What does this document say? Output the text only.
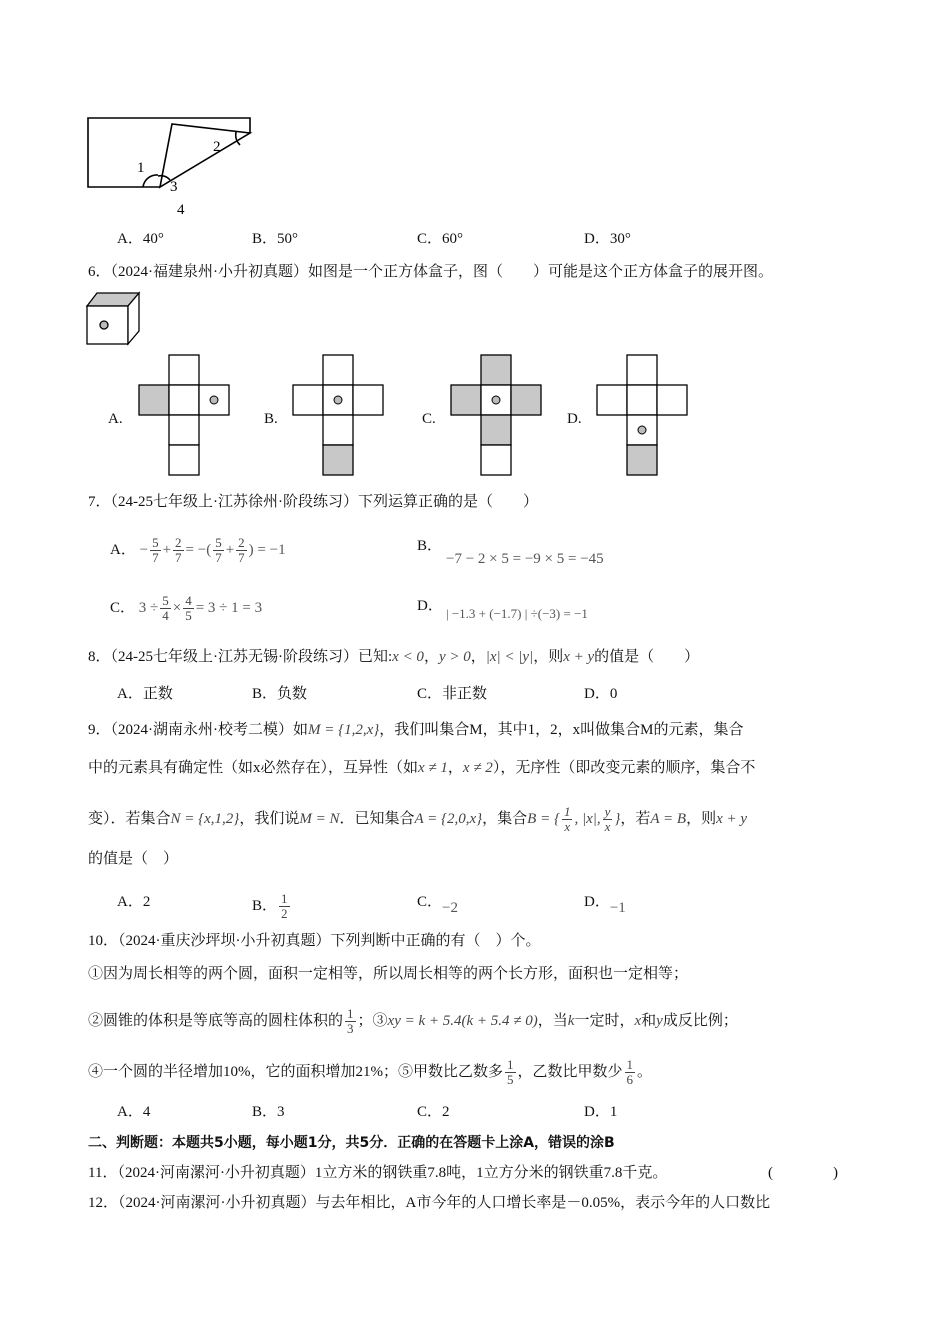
1
2
3
4
A．40°	B．50°	C．60°	D．30°
6．（2024·福建泉州·小升初真题）如图是一个正方体盒子，图（　　）可能是这个正方体盒子的展开图。
A.	B.	C.	D.
7．（24-25七年级上·江苏徐州·阶段练习）下列运算正确的是（　　）
A． − $\frac{5}{7} + \frac{2}{7}$ = −( $\frac{5}{7} + \frac{2}{7}$ ) = −1	B．
−7 − 2 × 5 = −9 × 5 = −45
C． $3 \div \frac{5}{4} \times \frac{4}{5} = 3 \div 1 = 3$	D． | −1.3 + (−1.7) | ÷(−3) = −1
8．（24-25七年级上·江苏无锡·阶段练习）已知:x < 0，y > 0，|x| < |y|，则x + y的值是（　　）
A．正数	B．负数	C．非正数	D．0
9．（2024·湖南永州·校考二模）如M = {1,2,x}，我们叫集合M，其中1，2，x叫做集合M的元素，集合
中的元素具有确定性（如x必然存在），互异性（如x ≠ 1，x ≠ 2），无序性（即改变元素的顺序，集合不
变）．若集合N = {x,1,2}，我们说M = N．已知集合A = {2,0,x}，集合B = { $\frac{1}{x}$ , |x|, $\frac{y}{x}$ }，若A = B，则x + y
的值是（　）
A．2	B． $\frac{1}{2}$	C．−2	D．−1
10．（2024·重庆沙坪坝·小升初真题）下列判断中正确的有（　）个。
①因为周长相等的两个圆，面积一定相等，所以周长相等的两个长方形，面积也一定相等；
②圆锥的体积是等底等高的圆柱体积的 $\frac{1}{3}$ ；③xy = k + 5.4(k + 5.4 ≠ 0)，当k一定时，x和y成反比例；
④一个圆的半径增加10%，它的面积增加21%；⑤甲数比乙数多 $\frac{1}{5}$ ，乙数比甲数少 $\frac{1}{6}$ 。
A．4	B．3	C．2	D．1
二、判断题：本题共5小题，每小题1分，共5分．正确的在答题卡上涂A，错误的涂B
11．（2024·河南漯河·小升初真题）1立方米的钢铁重7.8吨，1立方分米的钢铁重7.8千克。	(　　　　)
12．（2024·河南漯河·小升初真题）与去年相比，A市今年的人口增长率是－0.05%，表示今年的人口数比
